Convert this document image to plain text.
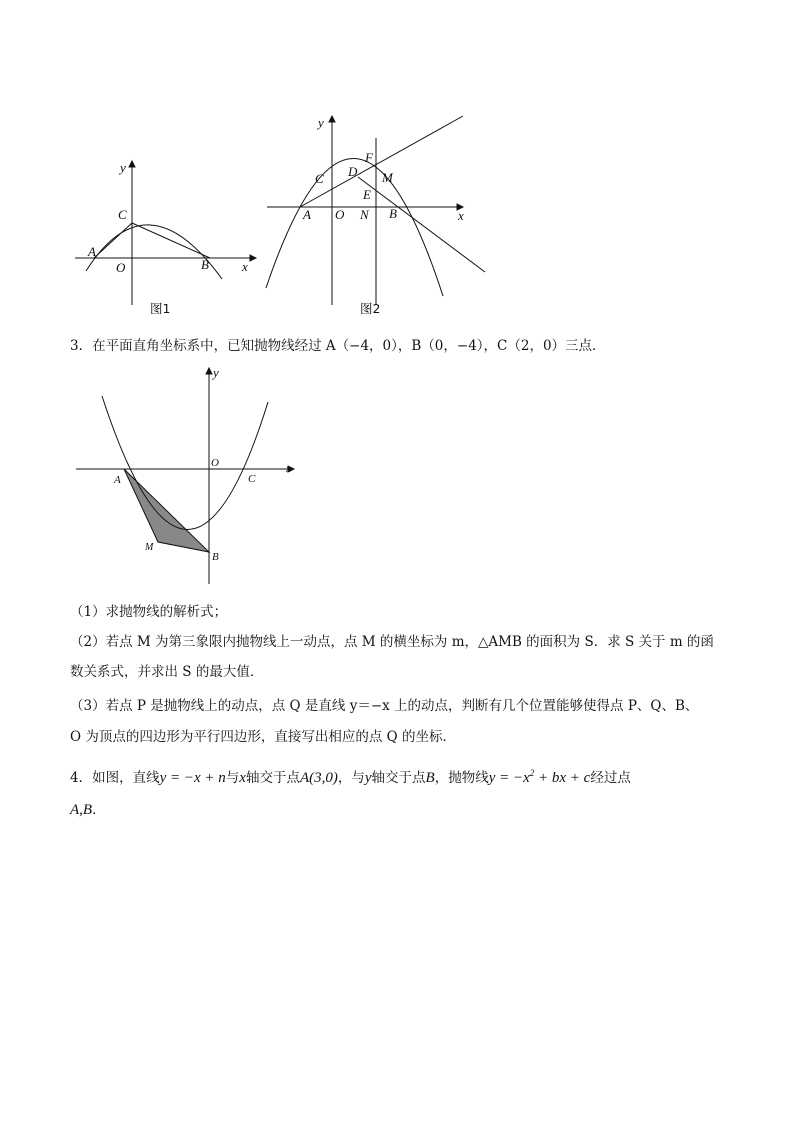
y
x
C
A
O	B
图1
y
x
F
D
C	M
E
A O N B
图2
3．在平面直角坐标系中，已知抛物线经过 A（−4，0），B（0，−4），C（2，0）三点．
y
x
O
A	C
M
B
（1）求抛物线的解析式；
（2）若点 M 为第三象限内抛物线上一动点，点 M 的横坐标为 m，△AMB 的面积为 S．求 S 关于 m 的函
数关系式，并求出 S 的最大值．
（3）若点 P 是抛物线上的动点，点 Q 是直线 y＝−x 上的动点，判断有几个位置能够使得点 P、Q、B、
O 为顶点的四边形为平行四边形，直接写出相应的点 Q 的坐标．
4．如图，直线y = −x + n与x轴交于点A(3,0)，与y轴交于点B，抛物线$y = -x^2$ + bx + c经过点
A,B．
